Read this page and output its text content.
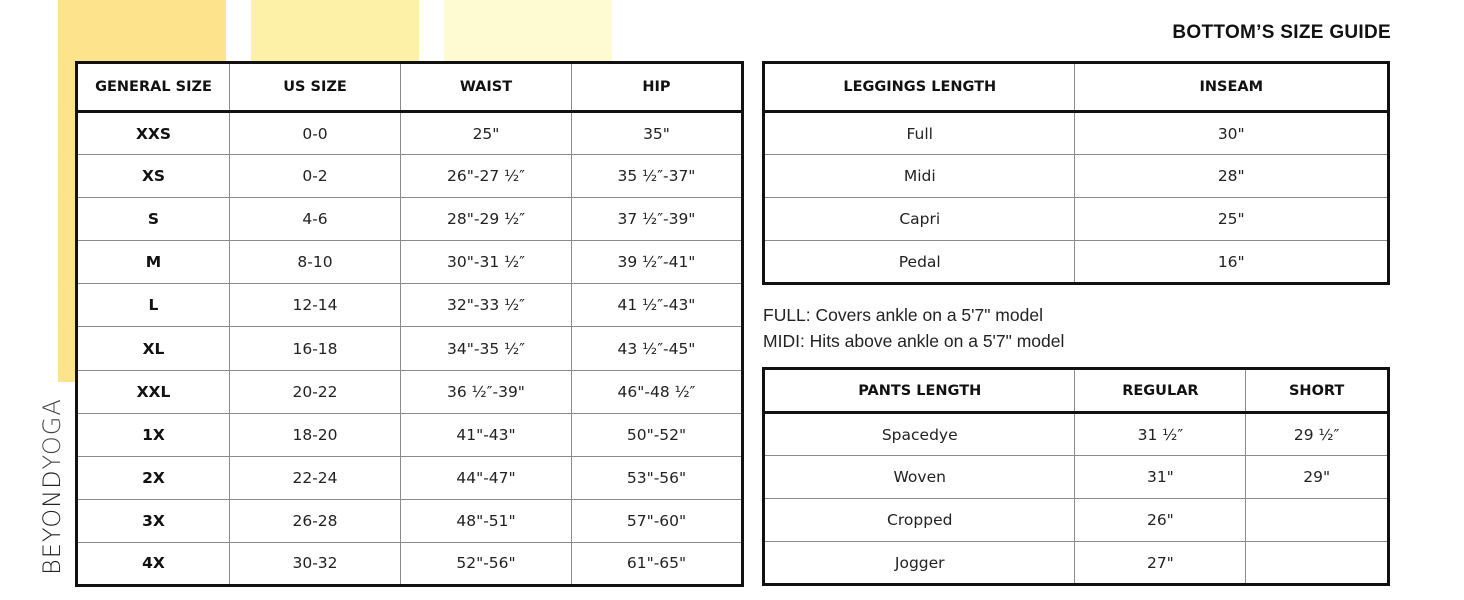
BEYONDYOGA
BOTTOM’S SIZE GUIDE
GENERAL SIZE	US SIZE	WAIST	HIP
XXS	0-0	25"	35"
XS	0-2	26"-27 ½″	35 ½″-37"
S	4-6	28"-29 ½″	37 ½″-39"
M	8-10	30"-31 ½″	39 ½″-41"
L	12-14	32"-33 ½″	41 ½″-43"
XL	16-18	34"-35 ½″	43 ½″-45"
XXL	20-22	36 ½″-39"	46"-48 ½″
1X	18-20	41"-43"	50"-52"
2X	22-24	44"-47"	53"-56"
3X	26-28	48"-51"	57"-60"
4X	30-32	52"-56"	61"-65"
LEGGINGS LENGTH	INSEAM
Full	30"
Midi	28"
Capri	25"
Pedal	16"
FULL: Covers ankle on a 5'7" model
MIDI: Hits above ankle on a 5'7" model
PANTS LENGTH	REGULAR	SHORT
Spacedye	31 ½″	29 ½″
Woven	31"	29"
Cropped	26"	
Jogger	27"	
